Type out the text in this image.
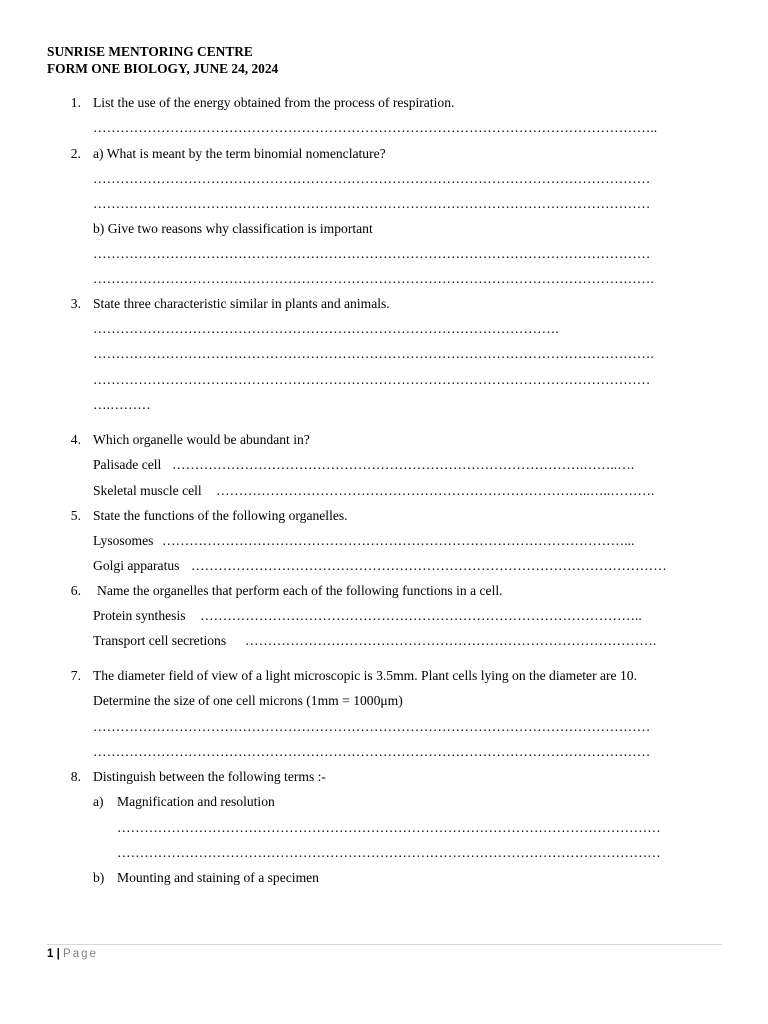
SUNRISE MENTORING CENTRE
FORM ONE BIOLOGY, JUNE 24, 2024
1. List the use of the energy obtained from the process of respiration.
……………………………………………………………………………………………………………..
2. a) What is meant by the term binomial nomenclature?
……………………………………………………………………………………………………………
……………………………………………………………………………………………………………
b) Give two reasons why classification is important
……………………………………………………………………………………………………………
…………………………………………………………………………………………………………….
3. State three characteristic similar in plants and animals.
………………………………………………………………………………………….
…………………………………………………………………………………………………………….
……………………………………………………………………………………………………………
….………
4. Which organelle would be abundant in?
Palisade cell ……………………………………………………………………………….……..….
Skeletal muscle cell ………………………………………………………………………..…..……….
5. State the functions of the following organelles.
Lysosomes …………………………………………………………………………………………...
Golgi apparatus ……………………………………………………………………………………………
6. Name the organelles that perform each of the following functions in a cell.
Protein synthesis ……………………………………………………………………………………..
Transport cell secretions ……………………………………………………………………………….
7. The diameter field of view of a light microscopic is 3.5mm. Plant cells lying on the diameter are 10.
Determine the size of one cell microns (1mm = 1000μm)
……………………………………………………………………………………………………………
……………………………………………………………………………………………………………
8. Distinguish between the following terms :-
a) Magnification and resolution
…………………………………………………………………………………………………………
…………………………………………………………………………………………………………
b) Mounting and staining of a specimen
1 | Page
